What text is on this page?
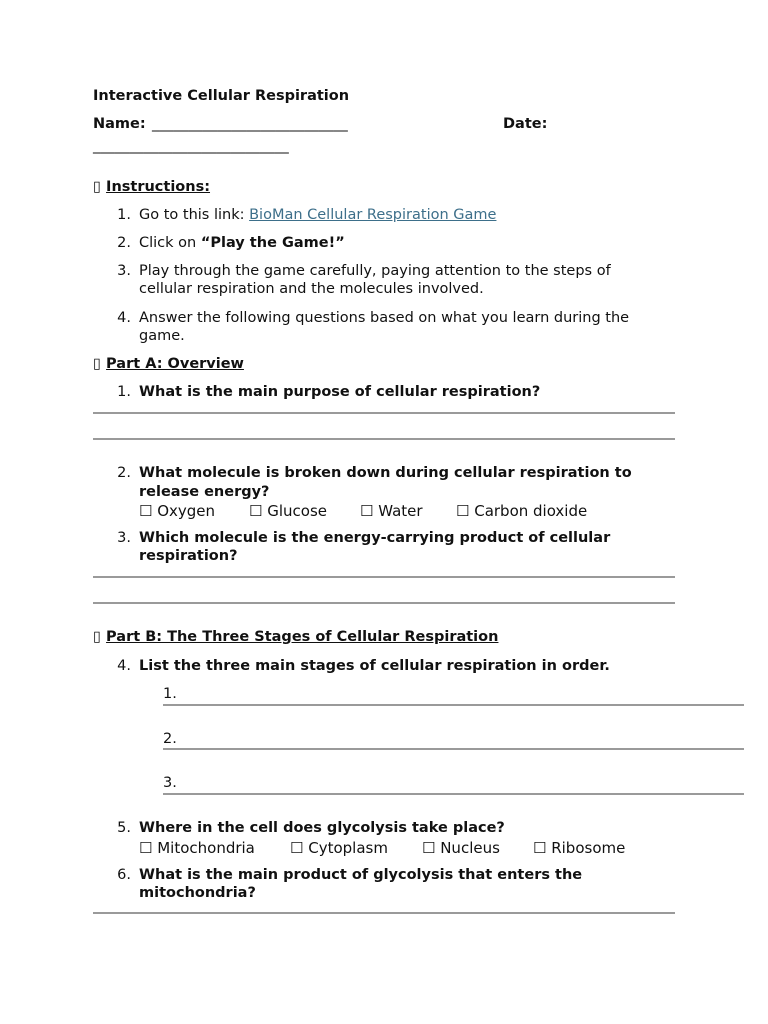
Interactive Cellular Respiration
Name: ___________________________	Date:
___________________________
▯ Instructions:
1. Go to this link: BioMan Cellular Respiration Game
2. Click on “Play the Game!”
3. Play through the game carefully, paying attention to the steps of
cellular respiration and the molecules involved.
4. Answer the following questions based on what you learn during the
game.
▯ Part A: Overview
1. What is the main purpose of cellular respiration?
2. What molecule is broken down during cellular respiration to
release energy?
☐ Oxygen ☐ Glucose ☐ Water ☐ Carbon dioxide
3. Which molecule is the energy-carrying product of cellular
respiration?
▯ Part B: The Three Stages of Cellular Respiration
4. List the three main stages of cellular respiration in order.
1.
2.
3.
5. Where in the cell does glycolysis take place?
☐ Mitochondria ☐ Cytoplasm ☐ Nucleus ☐ Ribosome
6. What is the main product of glycolysis that enters the
mitochondria?
